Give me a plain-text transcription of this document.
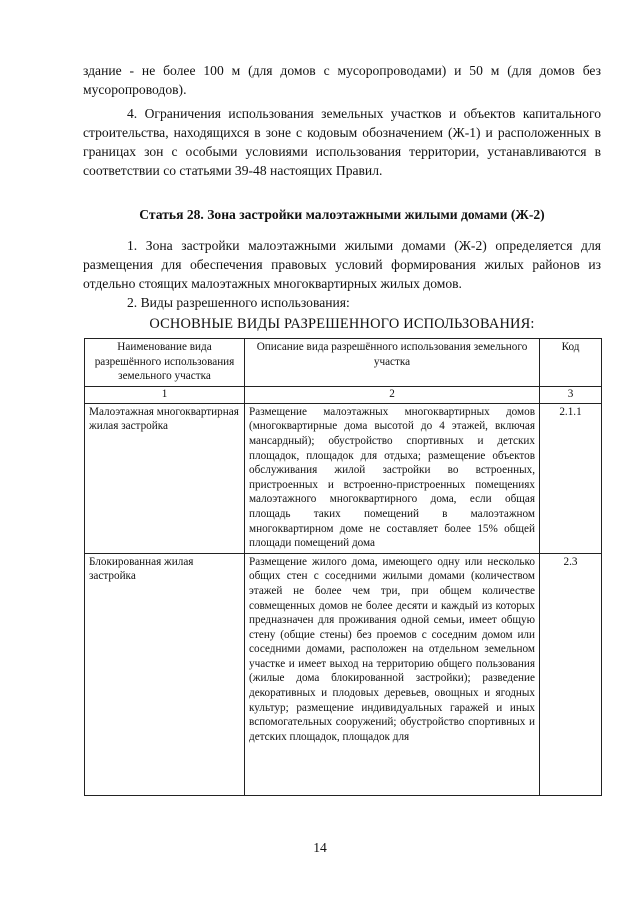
здание - не более 100 м (для домов с мусоропроводами) и 50 м (для домов без мусоропроводов).

4. Ограничения использования земельных участков и объектов капитального строительства, находящихся в зоне с кодовым обозначением (Ж-1) и расположенных в границах зон с особыми условиями использования территории, устанавливаются в соответствии со статьями 39-48 настоящих Правил.

Статья 28. Зона застройки малоэтажными жилыми домами (Ж-2)

1. Зона застройки малоэтажными жилыми домами (Ж-2) определяется для размещения для обеспечения правовых условий формирования жилых районов из отдельно стоящих малоэтажных многоквартирных жилых домов.

2. Виды разрешенного использования:

ОСНОВНЫЕ ВИДЫ РАЗРЕШЕННОГО ИСПОЛЬЗОВАНИЯ:

Наименование вида разрешённого использования земельного участка	Описание вида разрешённого использования земельного участка	Код
1	2	3
Малоэтажная многоквартирная жилая застройка	Размещение малоэтажных многоквартирных домов (многоквартирные дома высотой до 4 этажей, включая мансардный); обустройство спортивных и детских площадок, площадок для отдыха; размещение объектов обслуживания жилой застройки во встроенных, пристроенных и встроенно-пристроенных помещениях малоэтажного многоквартирного дома, если общая площадь таких помещений в малоэтажном многоквартирном доме не составляет более 15% общей площади помещений дома	2.1.1
Блокированная жилая застройка	Размещение жилого дома, имеющего одну или несколько общих стен с соседними жилыми домами (количеством этажей не более чем три, при общем количестве совмещенных домов не более десяти и каждый из которых предназначен для проживания одной семьи, имеет общую стену (общие стены) без проемов с соседним домом или соседними домами, расположен на отдельном земельном участке и имеет выход на территорию общего пользования (жилые дома блокированной застройки); разведение декоративных и плодовых деревьев, овощных и ягодных культур; размещение индивидуальных гаражей и иных вспомогательных сооружений; обустройство спортивных и детских площадок, площадок для	2.3
14
